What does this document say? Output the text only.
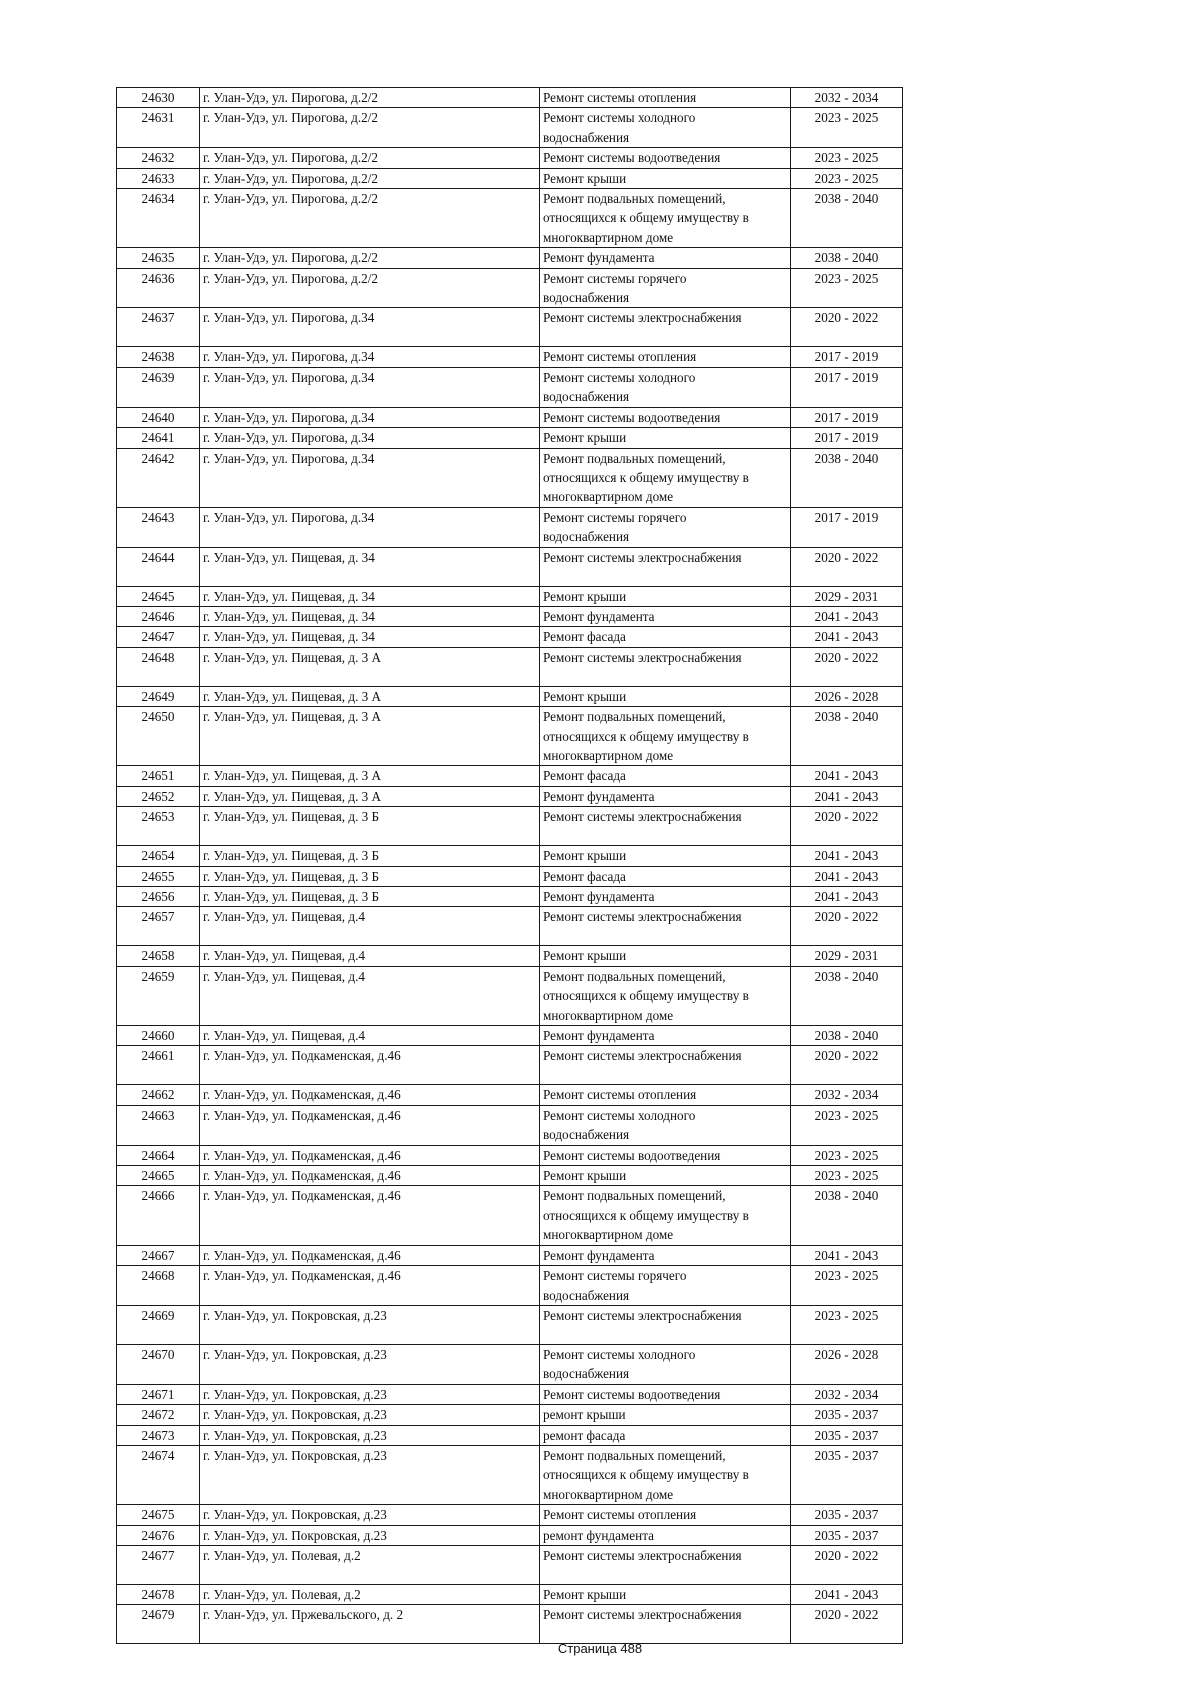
24630	г. Улан-Удэ, ул. Пирогова, д.2/2	Ремонт системы отопления	2032 - 2034
24631	г. Улан-Удэ, ул. Пирогова, д.2/2	Ремонт системы холодного водоснабжения	2023 - 2025
24632	г. Улан-Удэ, ул. Пирогова, д.2/2	Ремонт системы водоотведения	2023 - 2025
24633	г. Улан-Удэ, ул. Пирогова, д.2/2	Ремонт крыши	2023 - 2025
24634	г. Улан-Удэ, ул. Пирогова, д.2/2	Ремонт подвальных помещений, относящихся к общему имуществу в многоквартирном доме	2038 - 2040
24635	г. Улан-Удэ, ул. Пирогова, д.2/2	Ремонт фундамента	2038 - 2040
24636	г. Улан-Удэ, ул. Пирогова, д.2/2	Ремонт системы горячего водоснабжения	2023 - 2025
24637	г. Улан-Удэ, ул. Пирогова, д.34	Ремонт системы электроснабжения	2020 - 2022
24638	г. Улан-Удэ, ул. Пирогова, д.34	Ремонт системы отопления	2017 - 2019
24639	г. Улан-Удэ, ул. Пирогова, д.34	Ремонт системы холодного водоснабжения	2017 - 2019
24640	г. Улан-Удэ, ул. Пирогова, д.34	Ремонт системы водоотведения	2017 - 2019
24641	г. Улан-Удэ, ул. Пирогова, д.34	Ремонт крыши	2017 - 2019
24642	г. Улан-Удэ, ул. Пирогова, д.34	Ремонт подвальных помещений, относящихся к общему имуществу в многоквартирном доме	2038 - 2040
24643	г. Улан-Удэ, ул. Пирогова, д.34	Ремонт системы горячего водоснабжения	2017 - 2019
24644	г. Улан-Удэ, ул. Пищевая, д. 34	Ремонт системы электроснабжения	2020 - 2022
24645	г. Улан-Удэ, ул. Пищевая, д. 34	Ремонт крыши	2029 - 2031
24646	г. Улан-Удэ, ул. Пищевая, д. 34	Ремонт фундамента	2041 - 2043
24647	г. Улан-Удэ, ул. Пищевая, д. 34	Ремонт фасада	2041 - 2043
24648	г. Улан-Удэ, ул. Пищевая, д. 3 А	Ремонт системы электроснабжения	2020 - 2022
24649	г. Улан-Удэ, ул. Пищевая, д. 3 А	Ремонт крыши	2026 - 2028
24650	г. Улан-Удэ, ул. Пищевая, д. 3 А	Ремонт подвальных помещений, относящихся к общему имуществу в многоквартирном доме	2038 - 2040
24651	г. Улан-Удэ, ул. Пищевая, д. 3 А	Ремонт фасада	2041 - 2043
24652	г. Улан-Удэ, ул. Пищевая, д. 3 А	Ремонт фундамента	2041 - 2043
24653	г. Улан-Удэ, ул. Пищевая, д. 3 Б	Ремонт системы электроснабжения	2020 - 2022
24654	г. Улан-Удэ, ул. Пищевая, д. 3 Б	Ремонт крыши	2041 - 2043
24655	г. Улан-Удэ, ул. Пищевая, д. 3 Б	Ремонт фасада	2041 - 2043
24656	г. Улан-Удэ, ул. Пищевая, д. 3 Б	Ремонт фундамента	2041 - 2043
24657	г. Улан-Удэ, ул. Пищевая, д.4	Ремонт системы электроснабжения	2020 - 2022
24658	г. Улан-Удэ, ул. Пищевая, д.4	Ремонт крыши	2029 - 2031
24659	г. Улан-Удэ, ул. Пищевая, д.4	Ремонт подвальных помещений, относящихся к общему имуществу в многоквартирном доме	2038 - 2040
24660	г. Улан-Удэ, ул. Пищевая, д.4	Ремонт фундамента	2038 - 2040
24661	г. Улан-Удэ, ул. Подкаменская, д.46	Ремонт системы электроснабжения	2020 - 2022
24662	г. Улан-Удэ, ул. Подкаменская, д.46	Ремонт системы отопления	2032 - 2034
24663	г. Улан-Удэ, ул. Подкаменская, д.46	Ремонт системы холодного водоснабжения	2023 - 2025
24664	г. Улан-Удэ, ул. Подкаменская, д.46	Ремонт системы водоотведения	2023 - 2025
24665	г. Улан-Удэ, ул. Подкаменская, д.46	Ремонт крыши	2023 - 2025
24666	г. Улан-Удэ, ул. Подкаменская, д.46	Ремонт подвальных помещений, относящихся к общему имуществу в многоквартирном доме	2038 - 2040
24667	г. Улан-Удэ, ул. Подкаменская, д.46	Ремонт фундамента	2041 - 2043
24668	г. Улан-Удэ, ул. Подкаменская, д.46	Ремонт системы горячего водоснабжения	2023 - 2025
24669	г. Улан-Удэ, ул. Покровская, д.23	Ремонт системы электроснабжения	2023 - 2025
24670	г. Улан-Удэ, ул. Покровская, д.23	Ремонт системы холодного водоснабжения	2026 - 2028
24671	г. Улан-Удэ, ул. Покровская, д.23	Ремонт системы водоотведения	2032 - 2034
24672	г. Улан-Удэ, ул. Покровская, д.23	ремонт крыши	2035 - 2037
24673	г. Улан-Удэ, ул. Покровская, д.23	ремонт фасада	2035 - 2037
24674	г. Улан-Удэ, ул. Покровская, д.23	Ремонт подвальных помещений, относящихся к общему имуществу в многоквартирном доме	2035 - 2037
24675	г. Улан-Удэ, ул. Покровская, д.23	Ремонт системы отопления	2035 - 2037
24676	г. Улан-Удэ, ул. Покровская, д.23	ремонт фундамента	2035 - 2037
24677	г. Улан-Удэ, ул. Полевая, д.2	Ремонт системы электроснабжения	2020 - 2022
24678	г. Улан-Удэ, ул. Полевая, д.2	Ремонт крыши	2041 - 2043
24679	г. Улан-Удэ, ул. Пржевальского, д. 2	Ремонт системы электроснабжения	2020 - 2022
Страница 488
